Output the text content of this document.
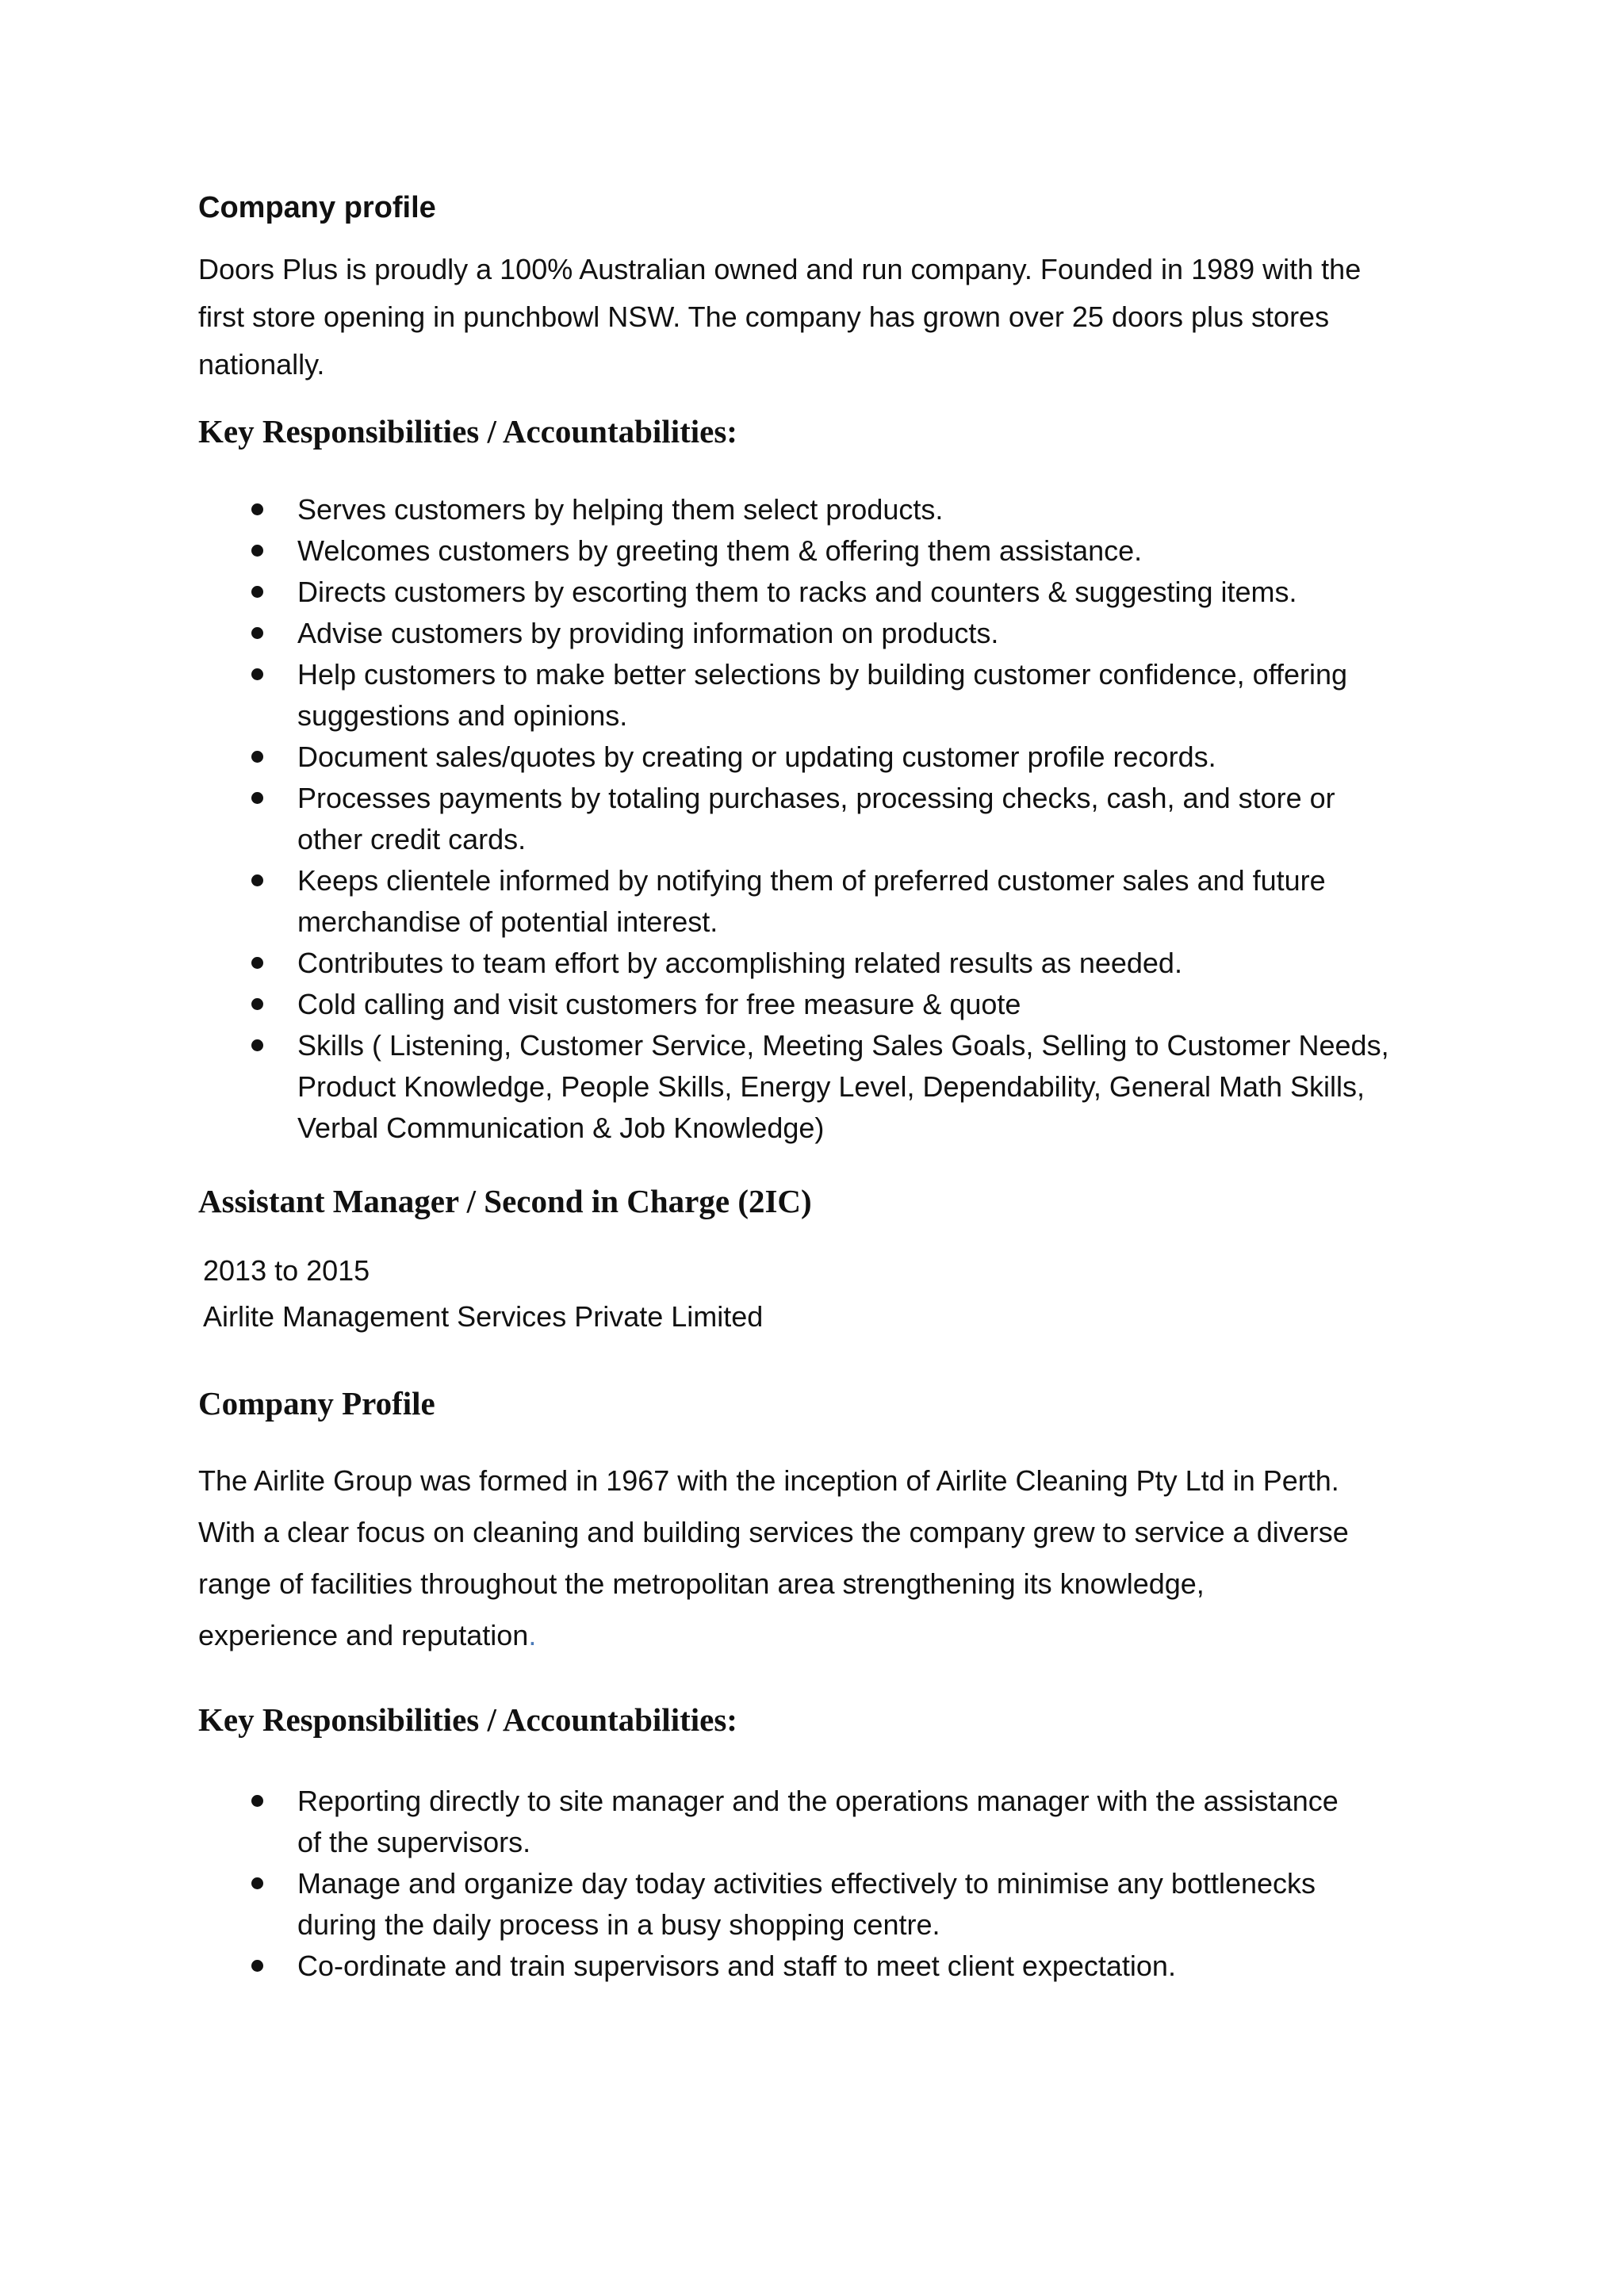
Company profile

Doors Plus is proudly a 100% Australian owned and run company. Founded in 1989 with the

first store opening in punchbowl NSW. The company has grown over 25 doors plus stores

nationally.

Key Responsibilities / Accountabilities:
Serves customers by helping them select products.
Welcomes customers by greeting them & offering them assistance.
Directs customers by escorting them to racks and counters & suggesting items.
Advise customers by providing information on products.
Help customers to make better selections by building customer confidence, offering
suggestions and opinions.
Document sales/quotes by creating or updating customer profile records.
Processes payments by totaling purchases, processing checks, cash, and store or
other credit cards.
Keeps clientele informed by notifying them of preferred customer sales and future
merchandise of potential interest.
Contributes to team effort by accomplishing related results as needed.
Cold calling and visit customers for free measure & quote
Skills ( Listening, Customer Service, Meeting Sales Goals, Selling to Customer Needs,
Product Knowledge, People Skills, Energy Level, Dependability, General Math Skills,
Verbal Communication & Job Knowledge)
Assistant Manager / Second in Charge (2IC)

2013 to 2015

Airlite Management Services Private Limited

Company Profile

The Airlite Group was formed in 1967 with the inception of Airlite Cleaning Pty Ltd in Perth.

With a clear focus on cleaning and building services the company grew to service a diverse

range of facilities throughout the metropolitan area strengthening its knowledge,

experience and reputation.

Key Responsibilities / Accountabilities:
Reporting directly to site manager and the operations manager with the assistance
of the supervisors.
Manage and organize day today activities effectively to minimise any bottlenecks
during the daily process in a busy shopping centre.
Co-ordinate and train supervisors and staff to meet client expectation.
